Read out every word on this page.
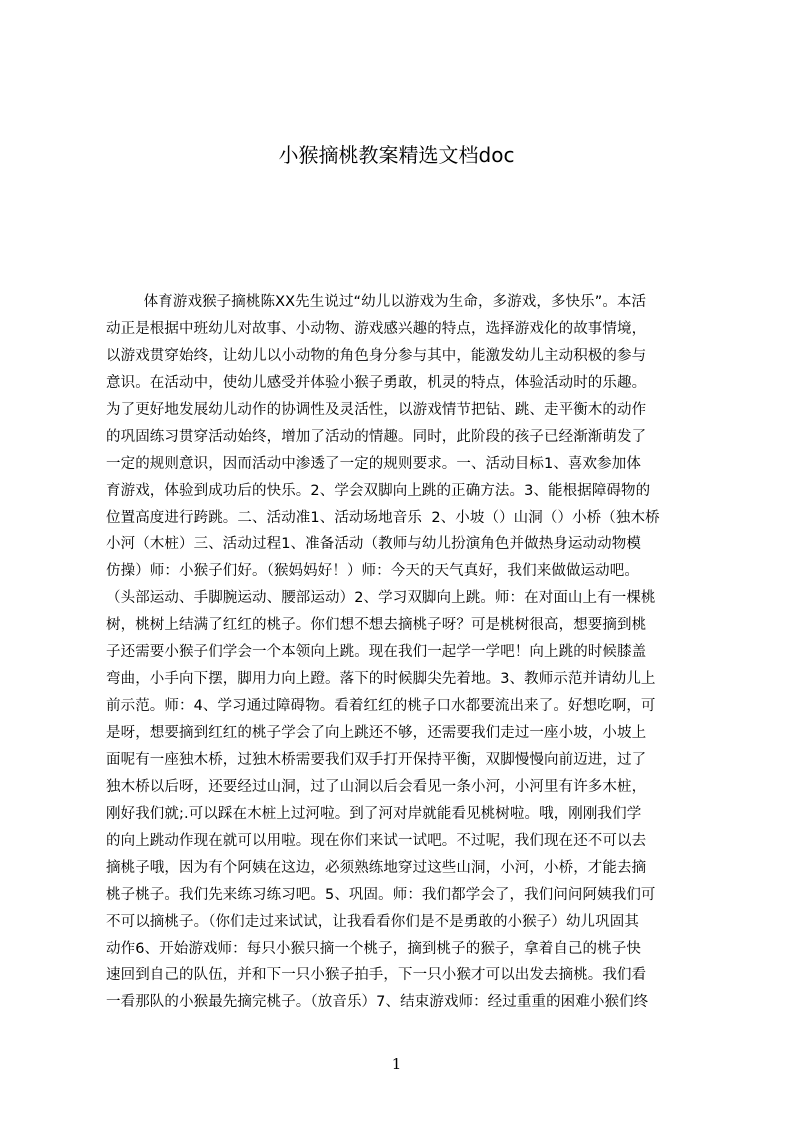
小猴摘桃教案精选文档doc
体育游戏猴子摘桃陈XX先生说过“幼儿以游戏为生命，多游戏，多快乐”。本活
动正是根据中班幼儿对故事、小动物、游戏感兴趣的特点，选择游戏化的故事情境，
以游戏贯穿始终，让幼儿以小动物的角色身分参与其中，能激发幼儿主动积极的参与
意识。在活动中，使幼儿感受并体验小猴子勇敢，机灵的特点，体验活动时的乐趣。
为了更好地发展幼儿动作的协调性及灵活性，以游戏情节把钻、跳、走平衡木的动作
的巩固练习贯穿活动始终，增加了活动的情趣。同时，此阶段的孩子已经渐渐萌发了
一定的规则意识，因而活动中渗透了一定的规则要求。一、活动目标1、喜欢参加体
育游戏，体验到成功后的快乐。2、学会双脚向上跳的正确方法。3、能根据障碍物的
位置高度进行跨跳。二、活动准1、活动场地音乐  2、小坡（）山洞（）小桥（独木桥
小河（木桩）三、活动过程1、准备活动（教师与幼儿扮演角色并做热身运动动物模
仿操）师：小猴子们好。（猴妈妈好！）师：今天的天气真好，我们来做做运动吧。
（头部运动、手脚腕运动、腰部运动）2、学习双脚向上跳。师：在对面山上有一棵桃
树，桃树上结满了红红的桃子。你们想不想去摘桃子呀？可是桃树很高，想要摘到桃
子还需要小猴子们学会一个本领向上跳。现在我们一起学一学吧！向上跳的时候膝盖
弯曲，小手向下摆，脚用力向上蹬。落下的时候脚尖先着地。3、教师示范并请幼儿上
前示范。师：4、学习通过障碍物。看着红红的桃子口水都要流出来了。好想吃啊，可
是呀，想要摘到红红的桃子学会了向上跳还不够，还需要我们走过一座小坡，小坡上
面呢有一座独木桥，过独木桥需要我们双手打开保持平衡，双脚慢慢向前迈进，过了
独木桥以后呀，还要经过山洞，过了山洞以后会看见一条小河，小河里有许多木桩，
刚好我们就;.可以踩在木桩上过河啦。到了河对岸就能看见桃树啦。哦，刚刚我们学
的向上跳动作现在就可以用啦。现在你们来试一试吧。不过呢，我们现在还不可以去
摘桃子哦，因为有个阿姨在这边，必须熟练地穿过这些山洞，小河，小桥，才能去摘
桃子桃子。我们先来练习练习吧。5、巩固。师：我们都学会了，我们问问阿姨我们可
不可以摘桃子。（你们走过来试试，让我看看你们是不是勇敢的小猴子）幼儿巩固其
动作6、开始游戏师：每只小猴只摘一个桃子，摘到桃子的猴子，拿着自己的桃子快
速回到自己的队伍，并和下一只小猴子拍手，下一只小猴才可以出发去摘桃。我们看
一看那队的小猴最先摘完桃子。（放音乐）7、结束游戏师：经过重重的困难小猴们终
1
